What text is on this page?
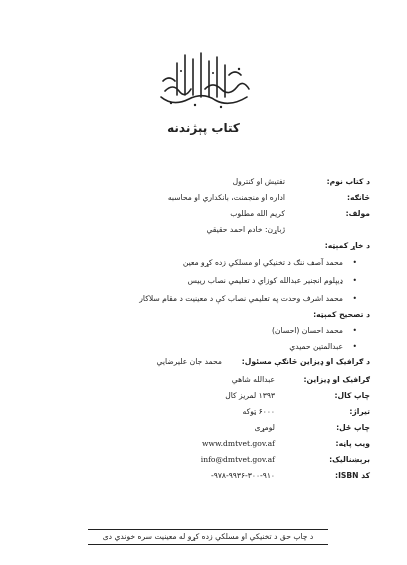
کتاب پېژندنه
د کتاب نوم:
تفتيش او کنترول
څانګه:
اداره او منجمنت، بانکداري او محاسبه
مولف:
کريم الله مطلوب
ژباړن: خادم احمد حقيقي
د خاړ کمېټه:
•
محمد آصف ننګ د تخنيکي او مسلکي زده کړو معين
•
ډيپلوم انجنير عبدالله کوزاي د تعليمي نصاب رييس
•
محمد اشرف وحدت په تعليمي نصاب کې د معينيت د مقام سلاکار
د تصحيح کمېټه:
•
محمد احسان (احسان)
•
عبدالمتين حميدي
د ګرافيک او ډيزاين څانګې مسئول:
محمد جان عليرضايي
ګرافيک او ډيزاين:
عبدالله شاهي
چاپ کال:
۱۳۹۳ لمريز کال
تيراژ:
۶۰۰۰ ټوکه
چاپ ځل:
لومړی
ويب پاڼه:
www.dmtvet.gov.af
برېښناليک:
info@dmtvet.gov.af
کد ISBN:
۹۷۸-۹۹۳۶-۳۰۰-۹۱۰-
د چاپ حق د تخنيکي او مسلکي زده کړو له معينيت سره خوندي دی
